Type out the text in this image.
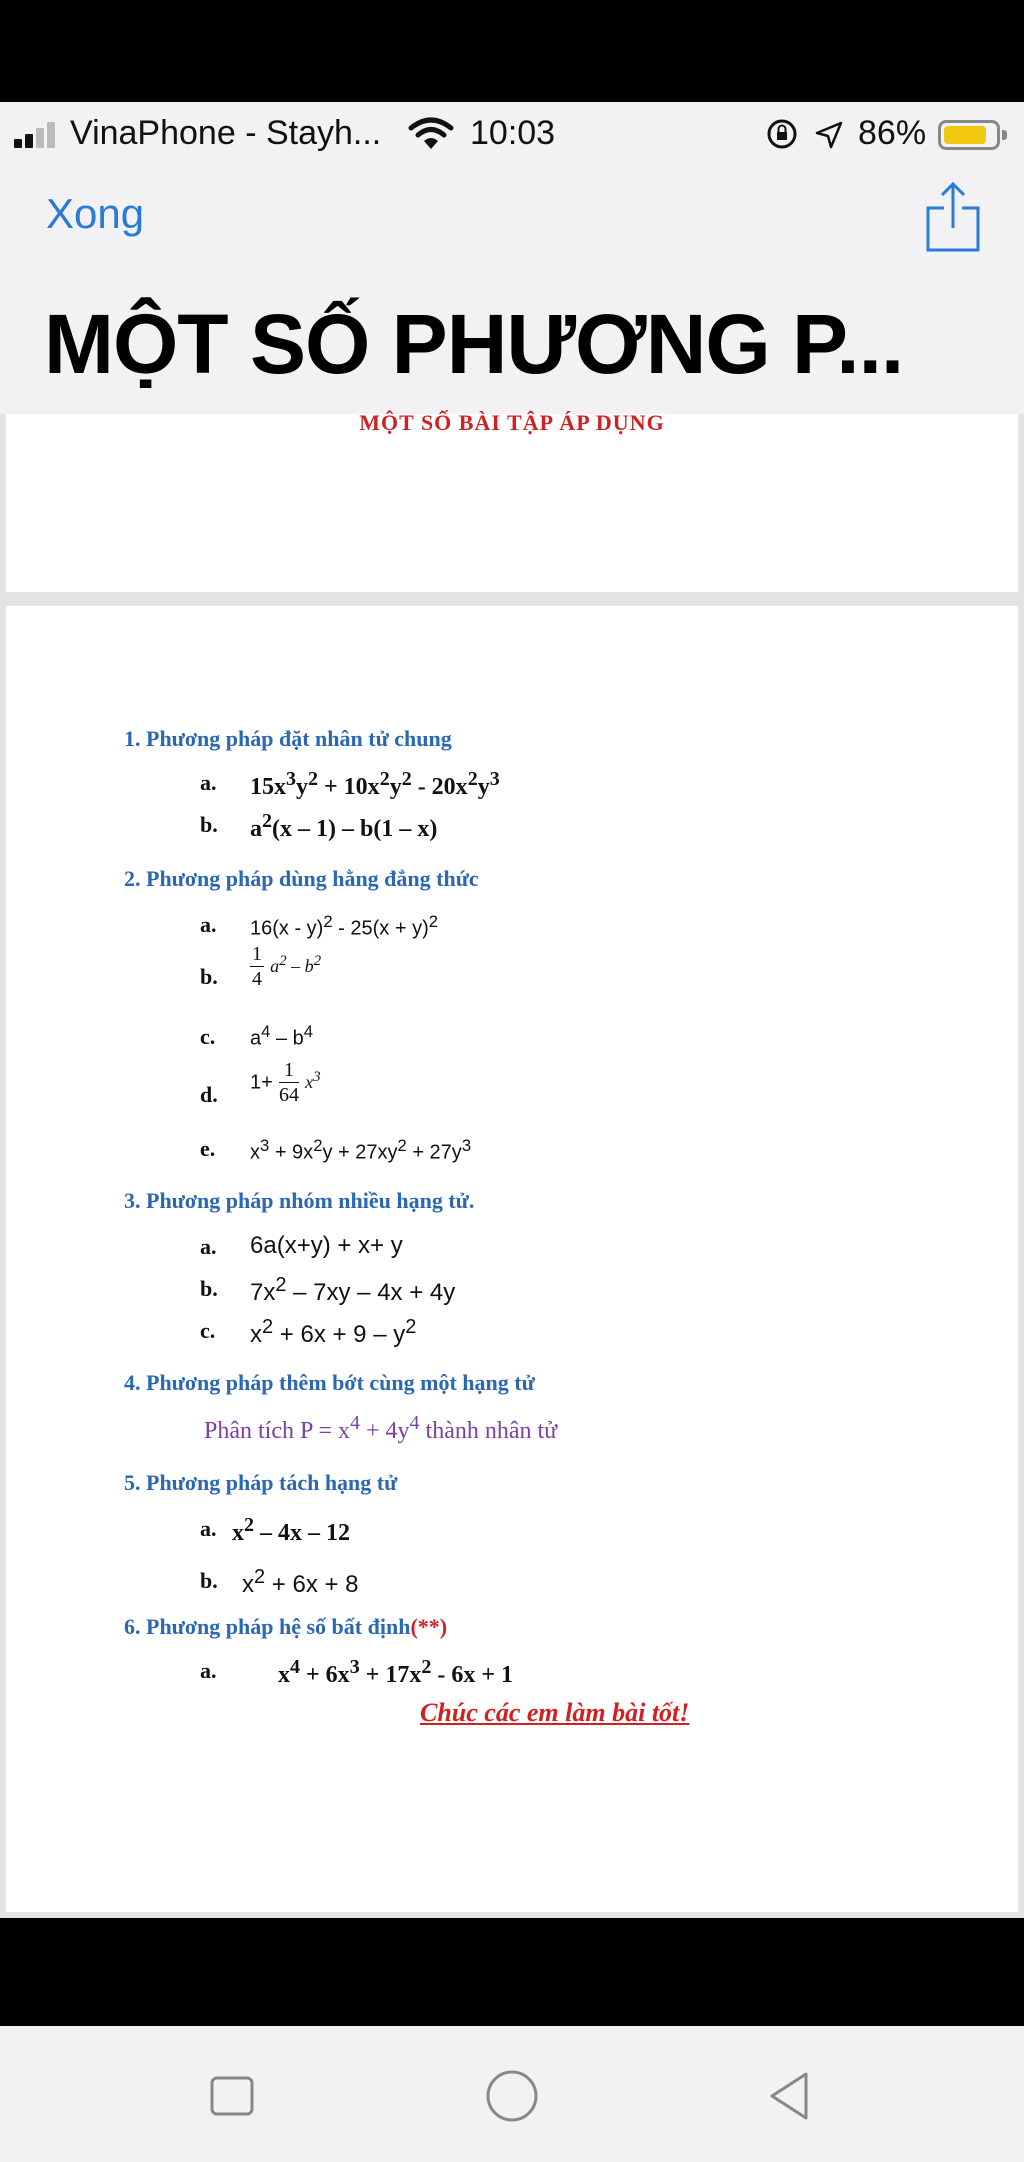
VinaPhone - Stayh...	10:03	86%
Xong
MỘT SỐ PHƯƠNG P...
MỘT SỐ BÀI TẬP ÁP DỤNG
1. Phương pháp đặt nhân tử chung
a. $15x^3y^2 + 10x^2y^2 - 20x^2y^3$
b. $a^2(x - 1) - b(1 - x)$
2. Phương pháp dùng hằng đẳng thức
a. $16(x - y)^2 - 25(x + y)^2$
b. $\frac{1}{4} a^2 - b^2$
c. $a^4 - b^4$
d. $1+ \frac{1}{64} x^3$
e. $x^3 + 9x^2y + 27xy^2 + 27y^3$
3. Phương pháp nhóm nhiều hạng tử.
a. 6a(x+y) + x+ y
b. $7x^2 - 7xy - 4x + 4y$
c. $x^2 + 6x + 9 - y^2$
4. Phương pháp thêm bớt cùng một hạng tử
Phân tích $P = x^4 + 4y^4$ thành nhân tử
5. Phương pháp tách hạng tử
a. $x^2 - 4x - 12$
b. $x^2 + 6x + 8$
6. Phương pháp hệ số bất định(**)
a.	$x^4 + 6x^3 + 17x^2 - 6x + 1$
Chúc các em làm bài tốt!
